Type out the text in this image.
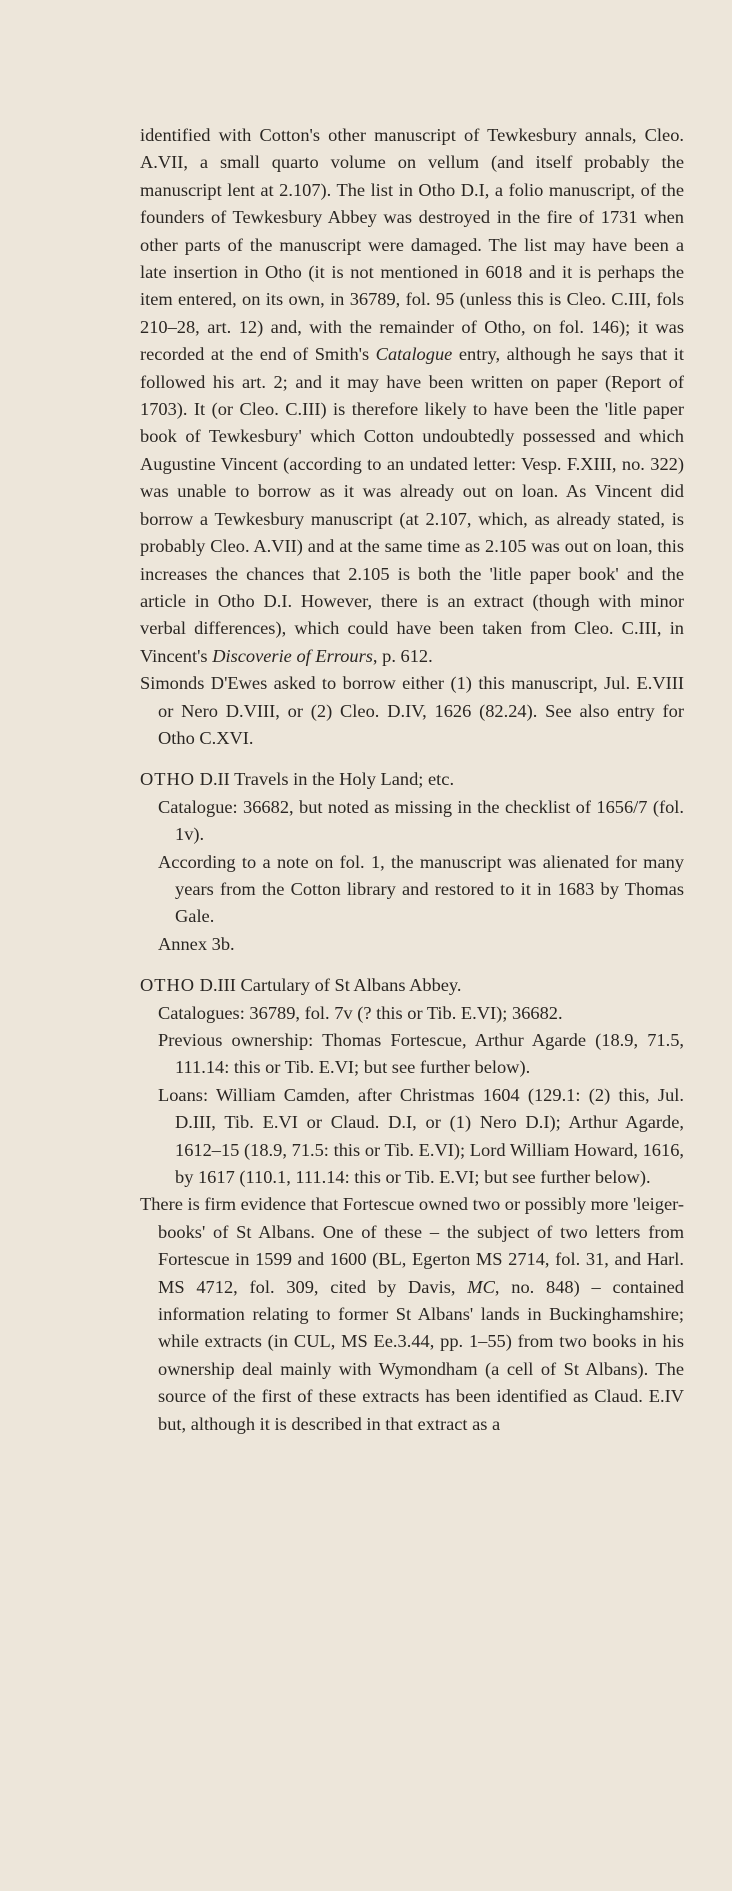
identified with Cotton's other manuscript of Tewkesbury annals, Cleo. A.VII, a small quarto volume on vellum (and itself probably the manuscript lent at 2.107). The list in Otho D.I, a folio manuscript, of the founders of Tewkesbury Abbey was destroyed in the fire of 1731 when other parts of the manuscript were damaged. The list may have been a late insertion in Otho (it is not mentioned in 6018 and it is perhaps the item entered, on its own, in 36789, fol. 95 (unless this is Cleo. C.III, fols 210–28, art. 12) and, with the remainder of Otho, on fol. 146); it was recorded at the end of Smith's Catalogue entry, although he says that it followed his art. 2; and it may have been written on paper (Report of 1703). It (or Cleo. C.III) is therefore likely to have been the 'litle paper book of Tewkesbury' which Cotton undoubtedly possessed and which Augustine Vincent (according to an undated letter: Vesp. F.XIII, no. 322) was unable to borrow as it was already out on loan. As Vincent did borrow a Tewkesbury manuscript (at 2.107, which, as already stated, is probably Cleo. A.VII) and at the same time as 2.105 was out on loan, this increases the chances that 2.105 is both the 'litle paper book' and the article in Otho D.I. However, there is an extract (though with minor verbal differences), which could have been taken from Cleo. C.III, in Vincent's Discoverie of Errours, p. 612.

Simonds D'Ewes asked to borrow either (1) this manuscript, Jul. E.VIII or Nero D.VIII, or (2) Cleo. D.IV, 1626 (82.24). See also entry for Otho C.XVI.

OTHO D.II Travels in the Holy Land; etc.

Catalogue: 36682, but noted as missing in the checklist of 1656/7 (fol. 1v).

According to a note on fol. 1, the manuscript was alienated for many years from the Cotton library and restored to it in 1683 by Thomas Gale.

Annex 3b.

OTHO D.III Cartulary of St Albans Abbey.

Catalogues: 36789, fol. 7v (? this or Tib. E.VI); 36682.

Previous ownership: Thomas Fortescue, Arthur Agarde (18.9, 71.5, 111.14: this or Tib. E.VI; but see further below).

Loans: William Camden, after Christmas 1604 (129.1: (2) this, Jul. D.III, Tib. E.VI or Claud. D.I, or (1) Nero D.I); Arthur Agarde, 1612–15 (18.9, 71.5: this or Tib. E.VI); Lord William Howard, 1616, by 1617 (110.1, 111.14: this or Tib. E.VI; but see further below).

There is firm evidence that Fortescue owned two or possibly more 'leiger-books' of St Albans. One of these – the subject of two letters from Fortescue in 1599 and 1600 (BL, Egerton MS 2714, fol. 31, and Harl. MS 4712, fol. 309, cited by Davis, MC, no. 848) – contained information relating to former St Albans' lands in Buckinghamshire; while extracts (in CUL, MS Ee.3.44, pp. 1–55) from two books in his ownership deal mainly with Wymondham (a cell of St Albans). The source of the first of these extracts has been identified as Claud. E.IV but, although it is described in that extract as a
